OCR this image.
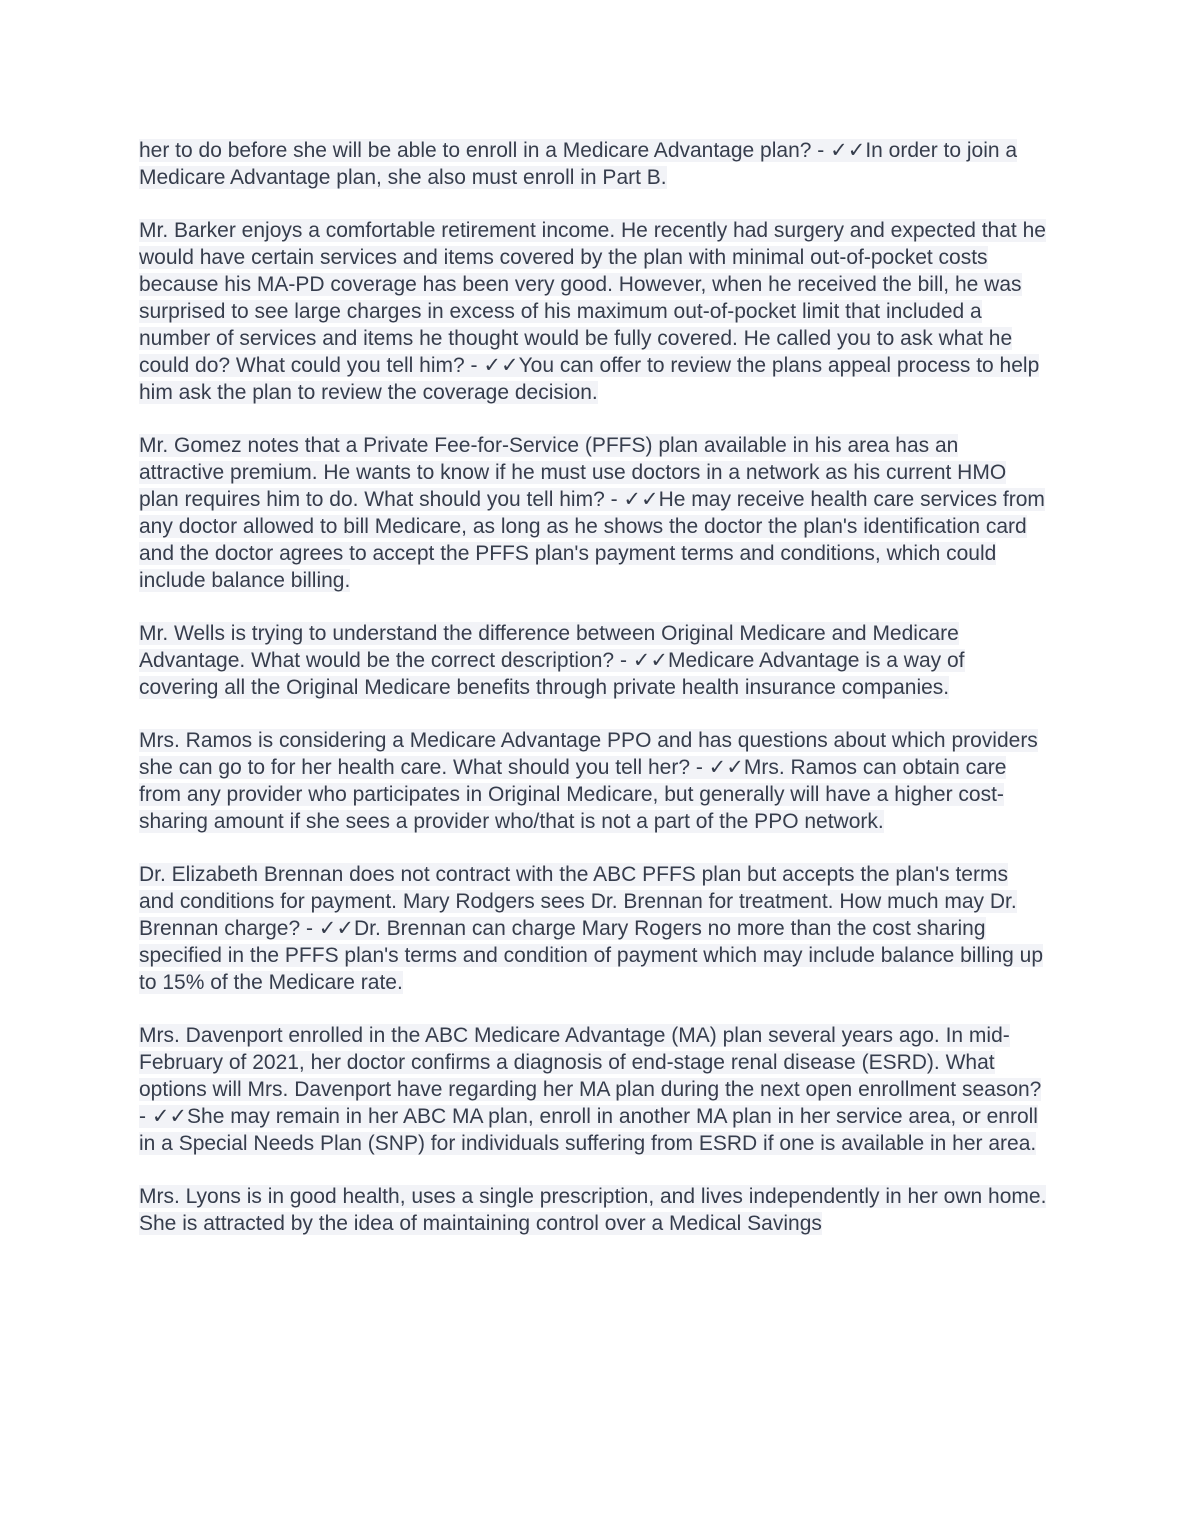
her to do before she will be able to enroll in a Medicare Advantage plan? - ✓✓In order to join a Medicare Advantage plan, she also must enroll in Part B.

Mr. Barker enjoys a comfortable retirement income. He recently had surgery and expected that he would have certain services and items covered by the plan with minimal out-of-pocket costs because his MA-PD coverage has been very good. However, when he received the bill, he was surprised to see large charges in excess of his maximum out-of-pocket limit that included a number of services and items he thought would be fully covered. He called you to ask what he could do? What could you tell him? - ✓✓You can offer to review the plans appeal process to help him ask the plan to review the coverage decision.

Mr. Gomez notes that a Private Fee-for-Service (PFFS) plan available in his area has an attractive premium. He wants to know if he must use doctors in a network as his current HMO plan requires him to do. What should you tell him? - ✓✓He may receive health care services from any doctor allowed to bill Medicare, as long as he shows the doctor the plan's identification card and the doctor agrees to accept the PFFS plan's payment terms and conditions, which could include balance billing.

Mr. Wells is trying to understand the difference between Original Medicare and Medicare Advantage. What would be the correct description? - ✓✓Medicare Advantage is a way of covering all the Original Medicare benefits through private health insurance companies.

Mrs. Ramos is considering a Medicare Advantage PPO and has questions about which providers she can go to for her health care. What should you tell her? - ✓✓Mrs. Ramos can obtain care from any provider who participates in Original Medicare, but generally will have a higher cost-sharing amount if she sees a provider who/that is not a part of the PPO network.

Dr. Elizabeth Brennan does not contract with the ABC PFFS plan but accepts the plan's terms and conditions for payment. Mary Rodgers sees Dr. Brennan for treatment. How much may Dr. Brennan charge? - ✓✓Dr. Brennan can charge Mary Rogers no more than the cost sharing specified in the PFFS plan's terms and condition of payment which may include balance billing up to 15% of the Medicare rate.

Mrs. Davenport enrolled in the ABC Medicare Advantage (MA) plan several years ago. In mid-February of 2021, her doctor confirms a diagnosis of end-stage renal disease (ESRD). What options will Mrs. Davenport have regarding her MA plan during the next open enrollment season? - ✓✓She may remain in her ABC MA plan, enroll in another MA plan in her service area, or enroll in a Special Needs Plan (SNP) for individuals suffering from ESRD if one is available in her area.

Mrs. Lyons is in good health, uses a single prescription, and lives independently in her own home. She is attracted by the idea of maintaining control over a Medical Savings
